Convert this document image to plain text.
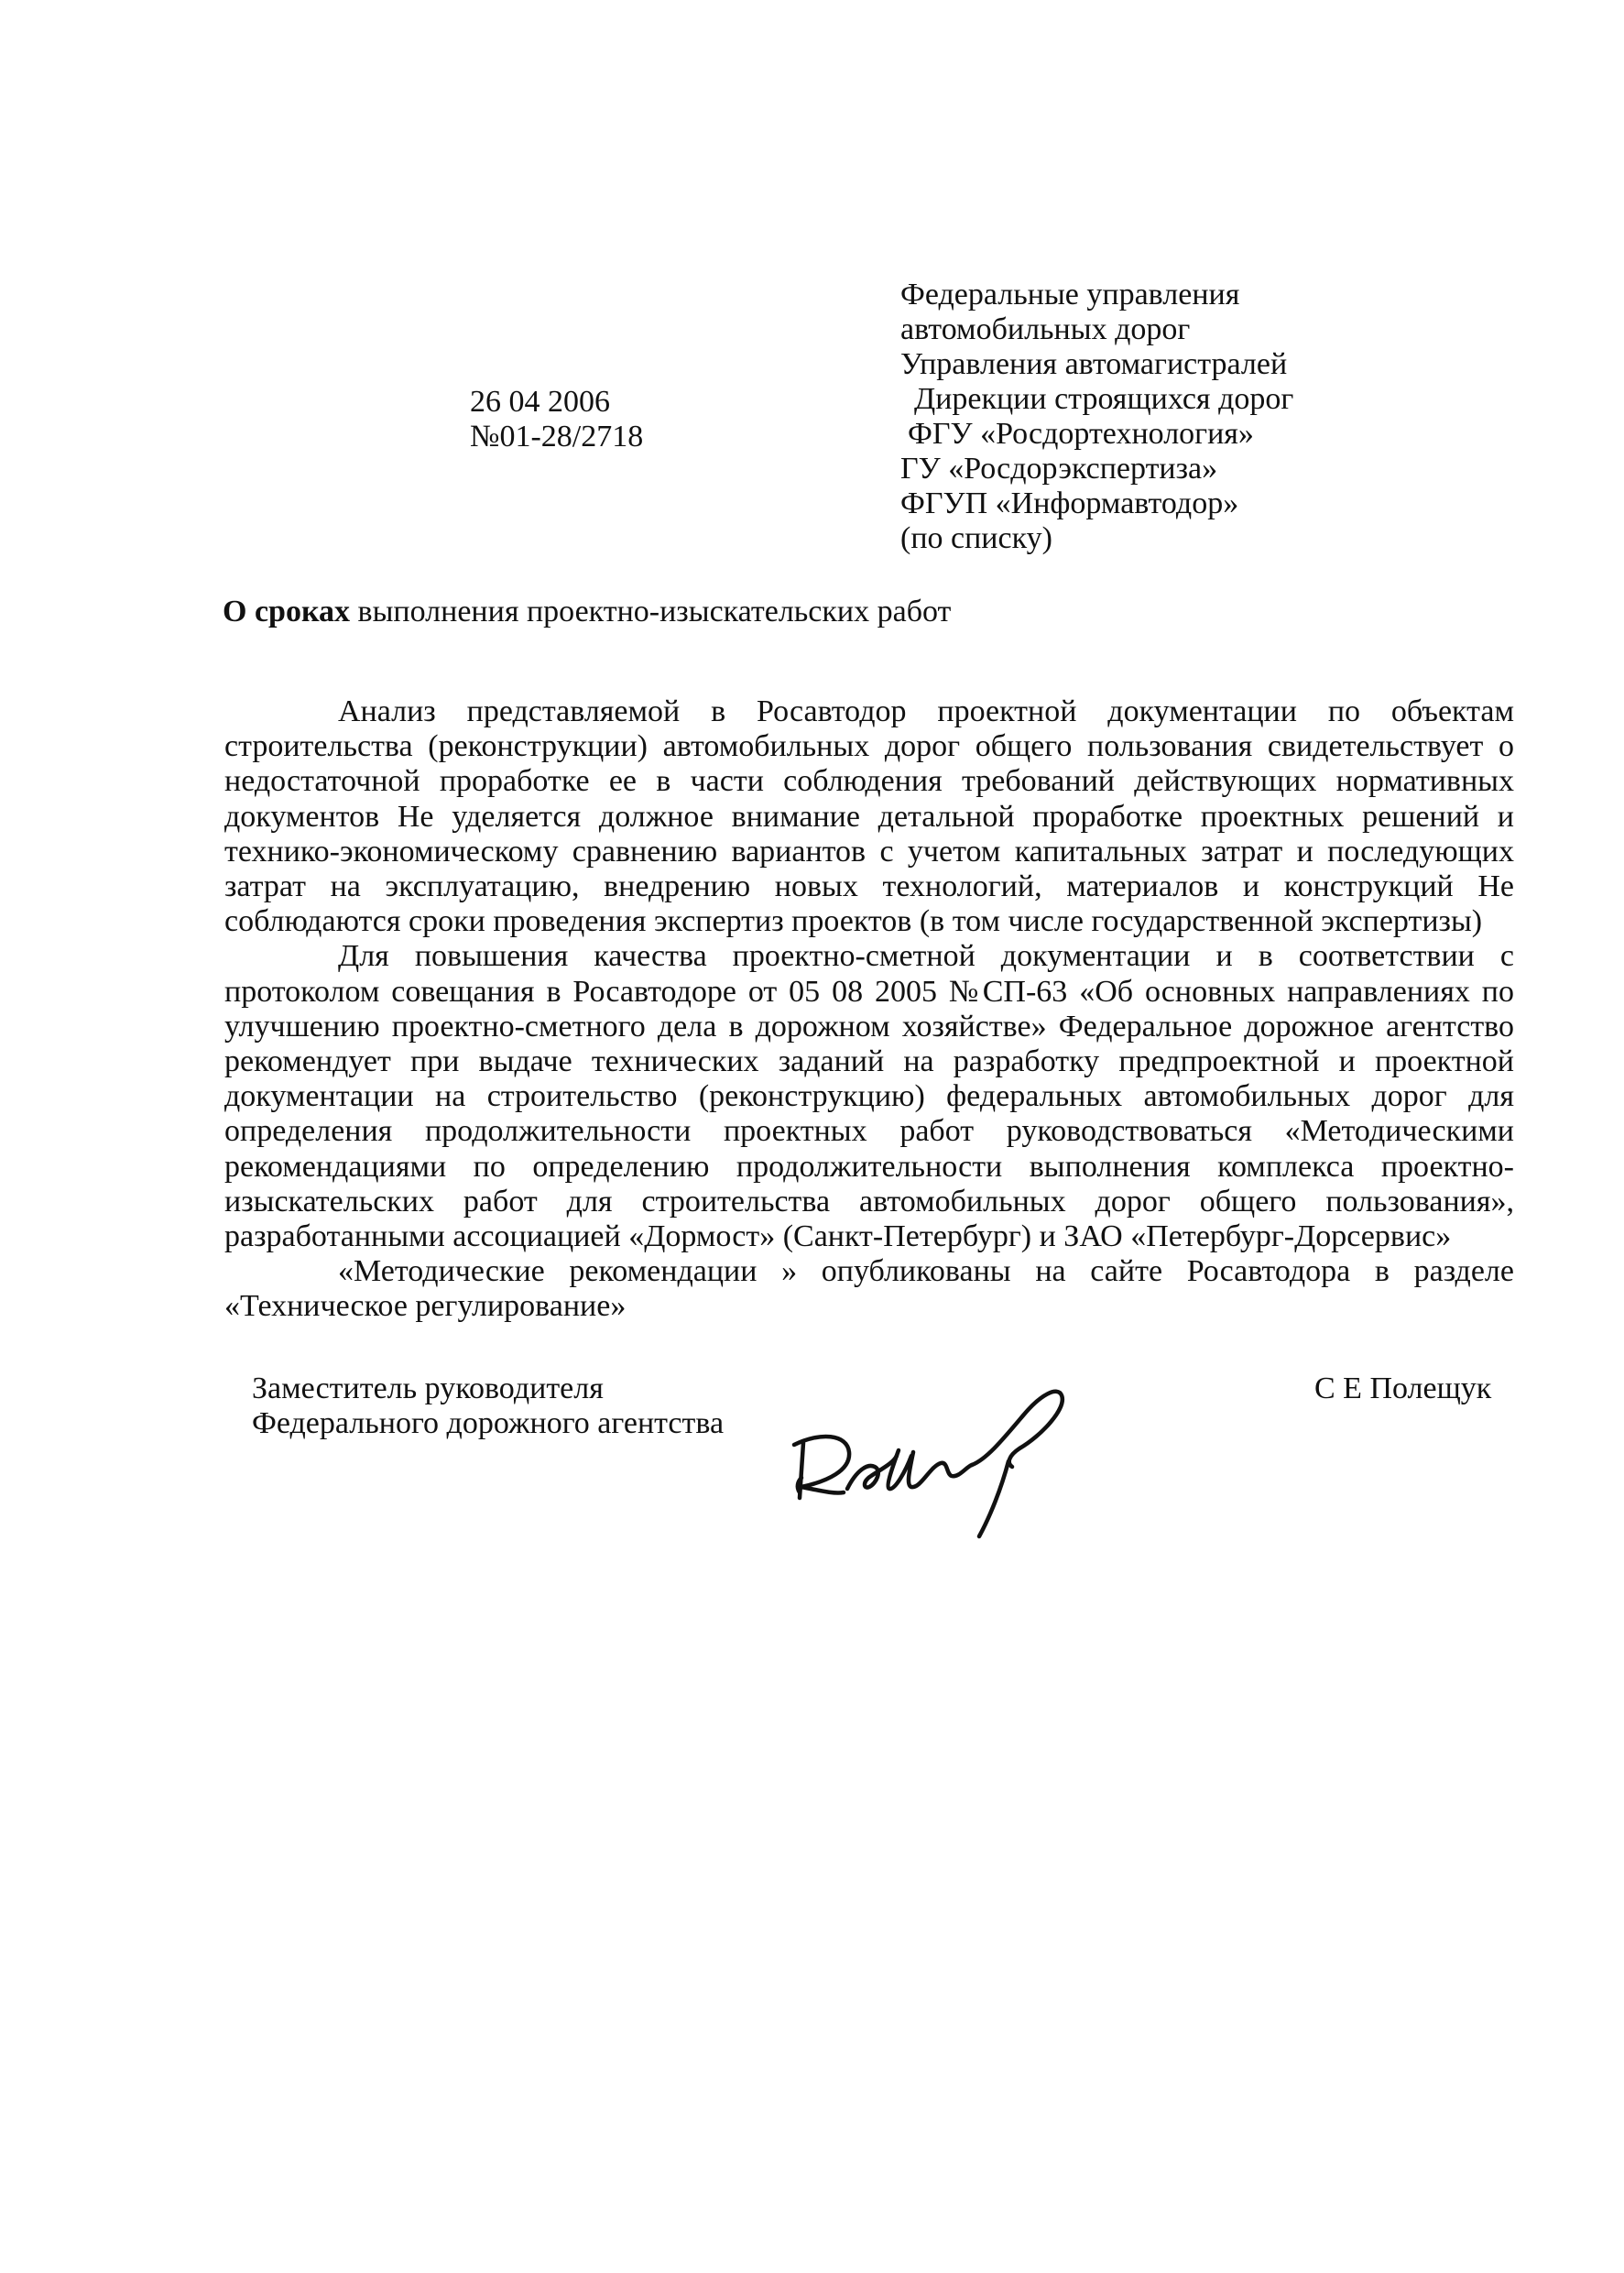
Федеральные управления
автомобильных дорог
Управления автомагистралей
Дирекции строящихся дорог
ФГУ «Росдортехнология»
ГУ «Росдорэкспертиза»
ФГУП «Информавтодор»
(по списку)
26 04 2006
№01-28/2718
О сроках выполнения проектно-изыскательских работ

Анализ представляемой в Росавтодор проектной документации по объектам строительства (реконструкции) автомобильных дорог общего пользования свидетельствует о недостаточной проработке ее в части соблюдения требований действующих нормативных документов Не уделяется должное внимание детальной проработке проектных решений и технико-экономическому сравнению вариантов с учетом капитальных затрат и последующих затрат на эксплуатацию, внедрению новых технологий, материалов и конструкций Не соблюдаются сроки проведения экспертиз проектов (в том числе государственной экспертизы)

Для повышения качества проектно-сметной документации и в соответствии с протоколом совещания в Росавтодоре от 05 08 2005 №СП-63 «Об основных направлениях по улучшению проектно-сметного дела в дорожном хозяйстве» Федеральное дорожное агентство рекомендует при выдаче технических заданий на разработку предпроектной и проектной документации на строительство (реконструкцию) федеральных автомобильных дорог для определения продолжительности проектных работ руководствоваться «Методическими рекомендациями по определению продолжительности выполнения комплекса проектно-изыскательских работ для строительства автомобильных дорог общего пользования», разработанными ассоциацией «Дормост» (Санкт-Петербург) и ЗАО «Петербург-Дорсервис»

«Методические рекомендации » опубликованы на сайте Росавтодора в разделе «Техническое регулирование»

Заместитель руководителя
Федерального дорожного агентства
С Е Полещук
